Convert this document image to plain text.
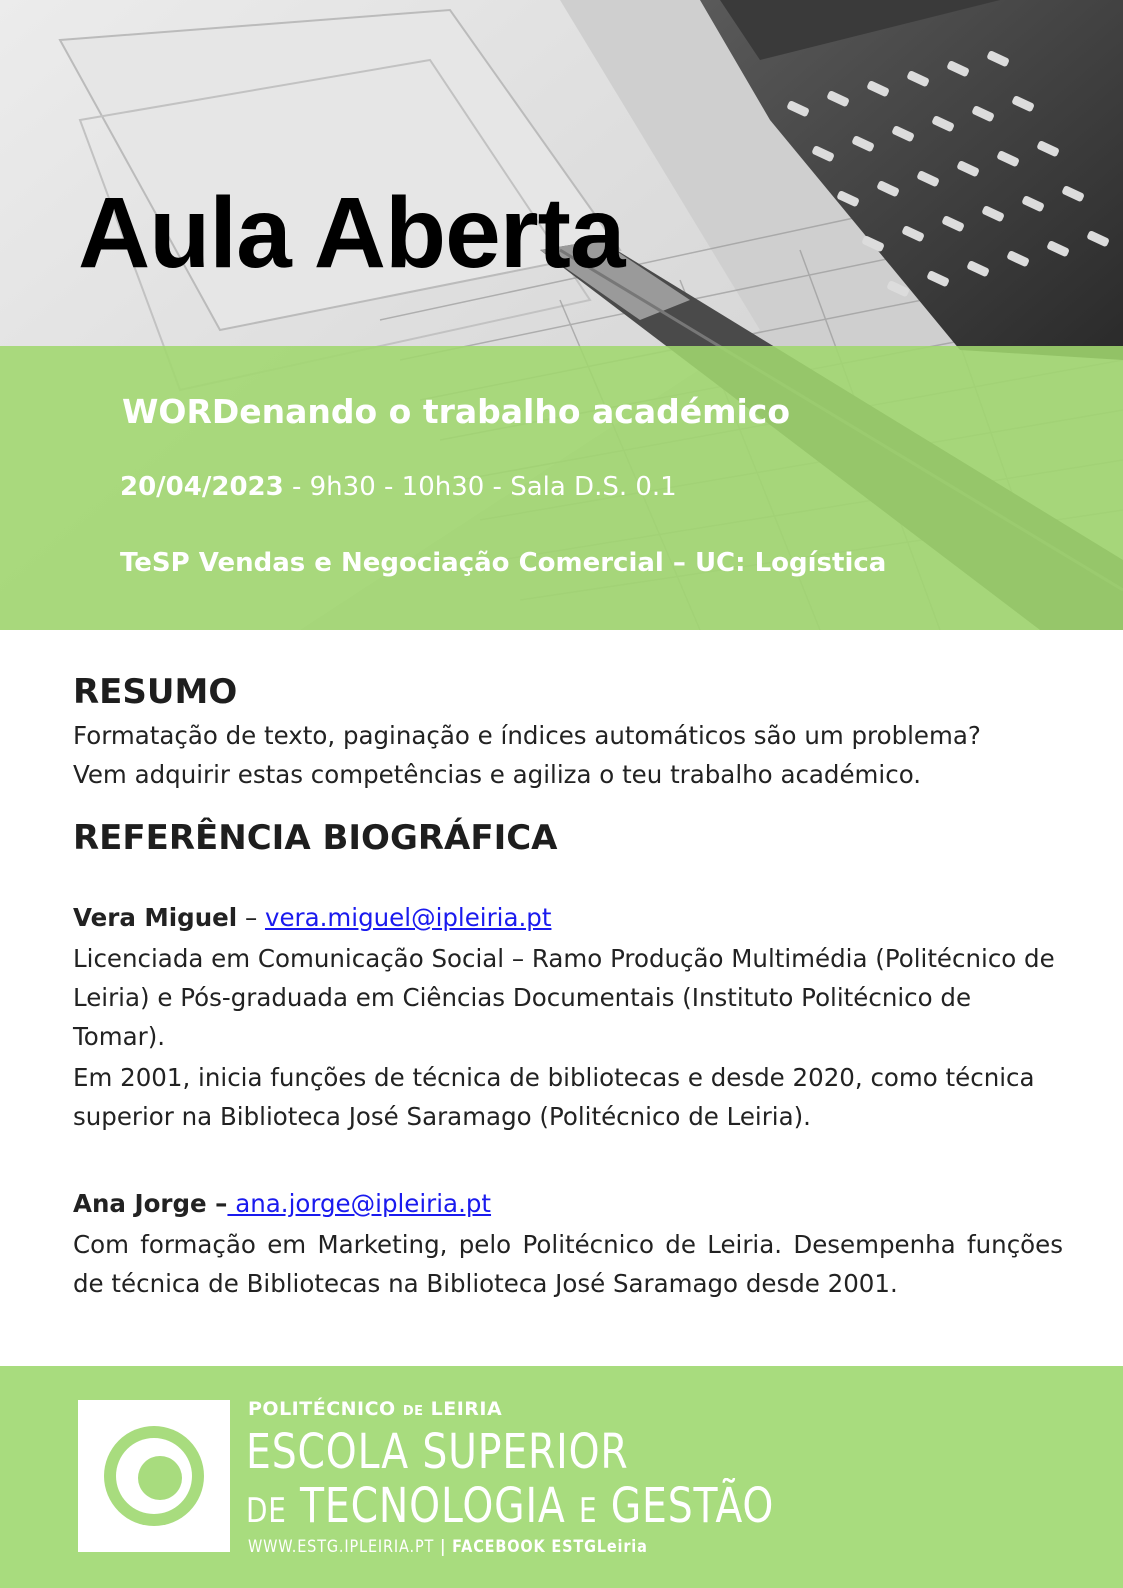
Aula Aberta
WORDenando o trabalho académico
20/04/2023 - 9h30 - 10h30 - Sala D.S. 0.1
TeSP Vendas e Negociação Comercial – UC: Logística
RESUMO

Formatação de texto, paginação e índices automáticos são um problema?

Vem adquirir estas competências e agiliza o teu trabalho académico.

REFERÊNCIA BIOGRÁFICA

Vera Miguel – vera.miguel@ipleiria.pt

Licenciada em Comunicação Social – Ramo Produção Multimédia (Politécnico de Leiria) e Pós-graduada em Ciências Documentais (Instituto Politécnico de Tomar).

Em 2001, inicia funções de técnica de bibliotecas e desde 2020, como técnica superior na Biblioteca José Saramago (Politécnico de Leiria).

Ana Jorge – ana.jorge@ipleiria.pt

Com formação em Marketing, pelo Politécnico de Leiria. Desempenha funções de técnica de Bibliotecas na Biblioteca José Saramago desde 2001.

POLITÉCNICO DE LEIRIA
ESCOLA SUPERIOR
DE TECNOLOGIA E GESTÃO
WWW.ESTG.IPLEIRIA.PT | FACEBOOK ESTGLeiria
